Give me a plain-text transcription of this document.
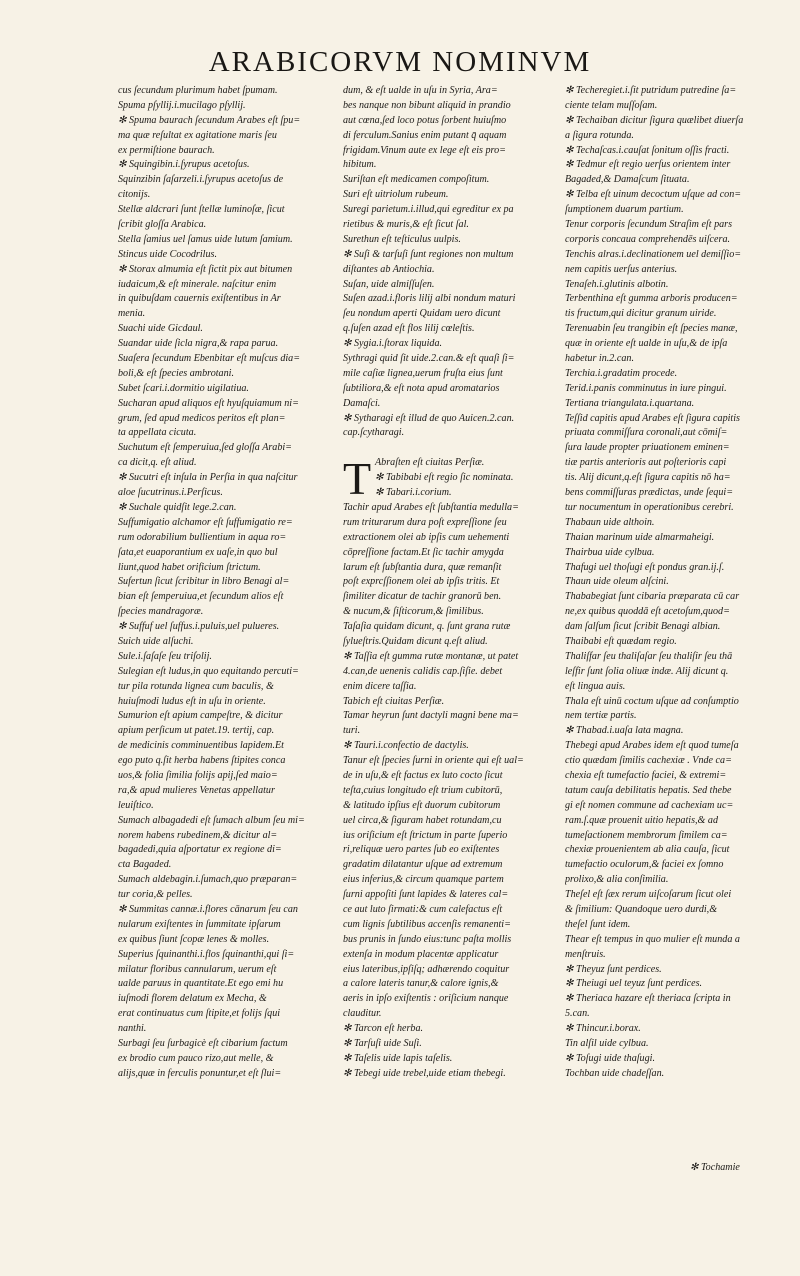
ARABICORVM NOMINVM
cus ſecundum plurimum habet ſpumam.
Spuma pſyllij.i.mucilago pſyllij.
✻ Spuma baurach ſecundum Arabes eſt ſpu=
ma quæ reſultat ex agitatione maris ſeu
ex permiſtione baurach.
✻ Squingibin.i.ſyrupus acetoſus.
Squinzibin ſaſarzeli.i.ſyrupus acetoſus de
citonijs.
Stellæ aldcrari ſunt ſtellæ luminoſæ, ſicut
ſcribit gloſſa Arabica.
Stella ſamius uel ſamus uide lutum ſamium.
Stincus uide Cocodrilus.
✻ Storax almumia eſt ſictit pix aut bitumen
iudaicum,& eſt minerale. naſcitur enim
in quibuſdam cauernis exiſtentibus in Ar
menia.
Suachi uide Gicdaul.
Suandar uide ſicla nigra,& rapa parua.
Suaſera ſecundum Ebenbitar eſt muſcus dia=
boli,& eſt ſpecies ambrotani.
Subet ſcari.i.dormitio uigilatiua.
Sucharan apud aliquos eſt hyuſquiamum ni=
grum, ſed apud medicos peritos eſt plan=
ta appellata cicuta.
Suchutum eſt ſemperuiua,ſed gloſſa Arabi=
ca dicit,q. eſt aliud.
✻ Sucutri eſt inſula in Perſia in qua naſcitur
aloe ſucutrinus.i.Perſicus.
✻ Suchale quidſit lege.2.can.
Suffumigatio alchamor eſt ſuffumigatio re=
rum odorabilium bullientium in aqua ro=
ſata,et euaporantium ex uaſe,in quo bul
liunt,quod habet orificium ſtrictum.
Sufertun ſicut ſcribitur in libro Benagi al=
bian eſt ſemperuiua,et ſecundum alios eſt
ſpecies mandragoræ.
✻ Suffuf uel ſuffus.i.puluis,uel pulueres.
Suich uide alſuchi.
Sule.i.ſaſaſe ſeu triſolij.
Sulegian eſt ludus,in quo equitando percuti=
tur pila rotunda lignea cum baculis, &
huiuſmodi ludus eſt in uſu in oriente.
Sumurion eſt apium campeſtre, & dicitur
apium perſicum ut patet.19. tertij, cap.
de medicinis comminuentibus lapidem.Et
ego puto q.ſit herba habens ſtipites conca
uos,& folia ſimilia folijs apij,ſed maio=
ra,& apud mulieres Venetas appellatur
leuiſtico.
Sumach albagadedi eſt ſumach album ſeu mi=
norem habens rubedinem,& dicitur al=
bagadedi,quia aſportatur ex regione di=
cta Bagaded.
Sumach aldebagin.i.ſumach,quo præparan=
tur coria,& pelles.
✻ Summitas cannæ.i.flores cānarum ſeu can
nularum exiſtentes in ſummitate ipſarum
ex quibus ſiunt ſcopæ lenes & molles.
Superius ſquinanthi.i.flos ſquinanthi,qui ſi=
milatur floribus cannularum, uerum eſt
ualde paruus in quantitate.Et ego emi hu
iuſmodi florem delatum ex Mecha, &
erat continuatus cum ſtipite,et folijs ſqui
nanthi.
Surbagi ſeu ſurbagicè eſt cibarium factum
ex brodio cum pauco rizo,aut melle, &
alijs,quæ in ferculis ponuntur,et eſt ſlui=
dum, & eſt ualde in uſu in Syria, Ara=
bes nanque non bibunt aliquid in prandio
aut cœna,ſed loco potus ſorbent huiuſmo
di ferculum.Sanius enim putant q̄ aquam
frigidam.Vinum aute ex lege eſt eis pro=
hibitum.
Suriſtan eſt medicamen compoſitum.
Suri eſt uitriolum rubeum.
Suregi parietum.i.illud,qui egreditur ex pa
rietibus & muris,& eſt ſicut ſal.
Surethun eſt teſticulus uulpis.
✻ Suſi & tarſuſi ſunt regiones non multum
diſtantes ab Antiochia.
Suſan, uide almiſſuſen.
Suſen azad.i.floris lilij albi nondum maturi
ſeu nondum aperti Quidam uero dicunt
q.ſuſen azad eſt flos lilij cœleſtis.
✻ Sygia.i.ſtorax liquida.
Sythragi quid ſit uide.2.can.& eſt quaſi ſi=
mile caſiæ lignea,uerum fruſta eius ſunt
ſubtiliora,& eſt nota apud aromatarios
Damaſci.
✻ Sytharagi eſt illud de quo Auicen.2.can.
cap.ſcytharagi.
T Abraſten eſt ciuitas Perſiæ.
✻ Tabibabi eſt regio ſic nominata.
✻ Tabari.i.corium.
Tachir apud Arabes eſt ſubſtantia medulla=
rum triturarum dura poſt expreſſione ſeu
extractionem olei ab ipſis cum uehementi
cōpreſſione factam.Et ſic tachir amygda
larum eſt ſubſtantia dura, quæ remanſit
poſt exprcſſionem olei ab ipſis tritis. Et
ſimiliter dicatur de tachir granorū ben.
& nucum,& ſiſticorum,& ſimilibus.
Taſaſia quidam dicunt, q. ſunt grana rutæ
ſylueſtris.Quidam dicunt q.eſt aliud.
✻ Taſſia eſt gumma rutæ montanæ, ut patet
4.can,de uenenis calidis cap.ſiſie. debet
enim dicere taſſia.
Tabich eſt ciuitas Perſiæ.
Tamar heyrun ſunt dactyli magni bene ma=
turi.
✻ Tauri.i.confectio de dactylis.
Tanur eſt ſpecies ſurni in oriente qui eſt ual=
de in uſu,& eſt factus ex luto cocto ſicut
teſta,cuius longitudo eſt trium cubitorū,
& latitudo ipſius eſt duorum cubitorum
uel circa,& ſiguram habet rotundam,cu
ius oriſicium eſt ſtrictum in parte ſuperio
ri,reliquæ uero partes ſub eo exiſtentes
gradatim dilatantur uſque ad extremum
eius inferius,& circum quamque partem
ſurni appoſiti ſunt lapides & lateres cal=
ce aut luto ſirmati:& cum calefactus eſt
cum lignis ſubtilibus accenſis remanenti=
bus prunis in ſundo eius:tunc paſta mollis
extenſa in modum placentæ applicatur
eius lateribus,ipſiſq; adhærendo coquitur
a calore lateris tanur,& calore ignis,&
aeris in ipſo exiſtentis : oriſicium nanque
clauditur.
✻ Tarcon eſt herba.
✻ Tarſuſi uide Suſi.
✻ Taſelis uide lapis taſelis.
✻ Tebegi uide trebel,uide etiam thebegi.
✻ Techeregiet.i.ſit putridum putredine ſa=
ciente telam muſſoſam.
✻ Techaiban dicitur ſigura quælibet diuerſa
a ſigura rotunda.
✻ Techaſcas.i.cauſat ſonitum oſſis fracti.
✻ Tedmur eſt regio uerſus orientem inter
Bagaded,& Damaſcum ſituata.
✻ Telba eſt uinum decoctum uſque ad con=
ſumptionem duarum partium.
Tenur corporis ſecundum Straſim eſt pars
corporis concaua comprehendēs uiſcera.
Tenchis alras.i.declinationem uel demiſſio=
nem capitis uerſus anterius.
Tenaſeh.i.glutinis albotin.
Terbenthina eſt gumma arboris producen=
tis fructum,qui dicitur granum uiride.
Terenuabin ſeu trangibin eſt ſpecies manæ,
quæ in oriente eſt ualde in uſu,& de ipſa
habetur in.2.can.
Terchia.i.gradatim procede.
Terid.i.panis comminutus in iure pingui.
Tertiana triangulata.i.quartana.
Teſſid capitis apud Arabes eſt ſigura capitis
priuata commiſſura coronali,aut cōmiſ=
ſura laude propter priuationem eminen=
tiæ partis anterioris aut poſterioris capi
tis. Alij dicunt,q.eſt ſigura capitis nō ha=
bens commiſſuras prædictas, unde ſequi=
tur nocumentum in operationibus cerebri.
Thabaun uide althoin.
Thaian marinum uide almarmaheigi.
Thairbua uide cylbua.
Thafugi uel thoſugi eſt pondus gran.ij.ſ.
Thaun uide oleum alſcini.
Thababegiat ſunt cibaria præparata cū car
ne,ex quibus quoddā eſt acetoſum,quod=
dam ſalſum ſicut ſcribit Benagi albian.
Thaibabi eſt quædam regio.
Thaliſfar ſeu thaliſaſar ſeu thaliſir ſeu thā
leſfir ſunt ſolia oliuæ indæ. Alij dicunt q.
eſt lingua auis.
Thala eſt uinū coctum uſque ad conſumptio
nem tertiæ partis.
✻ Thabad.i.uaſa lata magna.
Thebegi apud Arabes idem eſt quod tumeſa
ctio quædam ſimilis cachexiæ . Vnde ca=
chexia eſt tumefactio faciei, & extremi=
tatum cauſa debilitatis hepatis. Sed thebe
gi eſt nomen commune ad cachexiam uc=
ram.ſ.quæ prouenit uitio hepatis,& ad
tumeſactionem membrorum ſimilem ca=
chexiæ prouenientem ab alia cauſa, ſicut
tumefactio oculorum,& faciei ex ſomno
prolixo,& alia conſimilia.
Theſel eſt ſæx rerum uiſcoſarum ſicut olei
& ſimilium: Quandoque uero durdi,&
theſel ſunt idem.
Thear eſt tempus in quo mulier eſt munda a
menſtruis.
✻ Theyuz ſunt perdices.
✻ Theiugi uel teyuz ſunt perdices.
✻ Theriaca hazare eſt theriaca ſcripta in
5.can.
✻ Thincur.i.borax.
Tin alſil uide cylbua.
✻ Toſugi uide thaſugi.
Tochban uide chadeſſan.
✻ Tochamie
